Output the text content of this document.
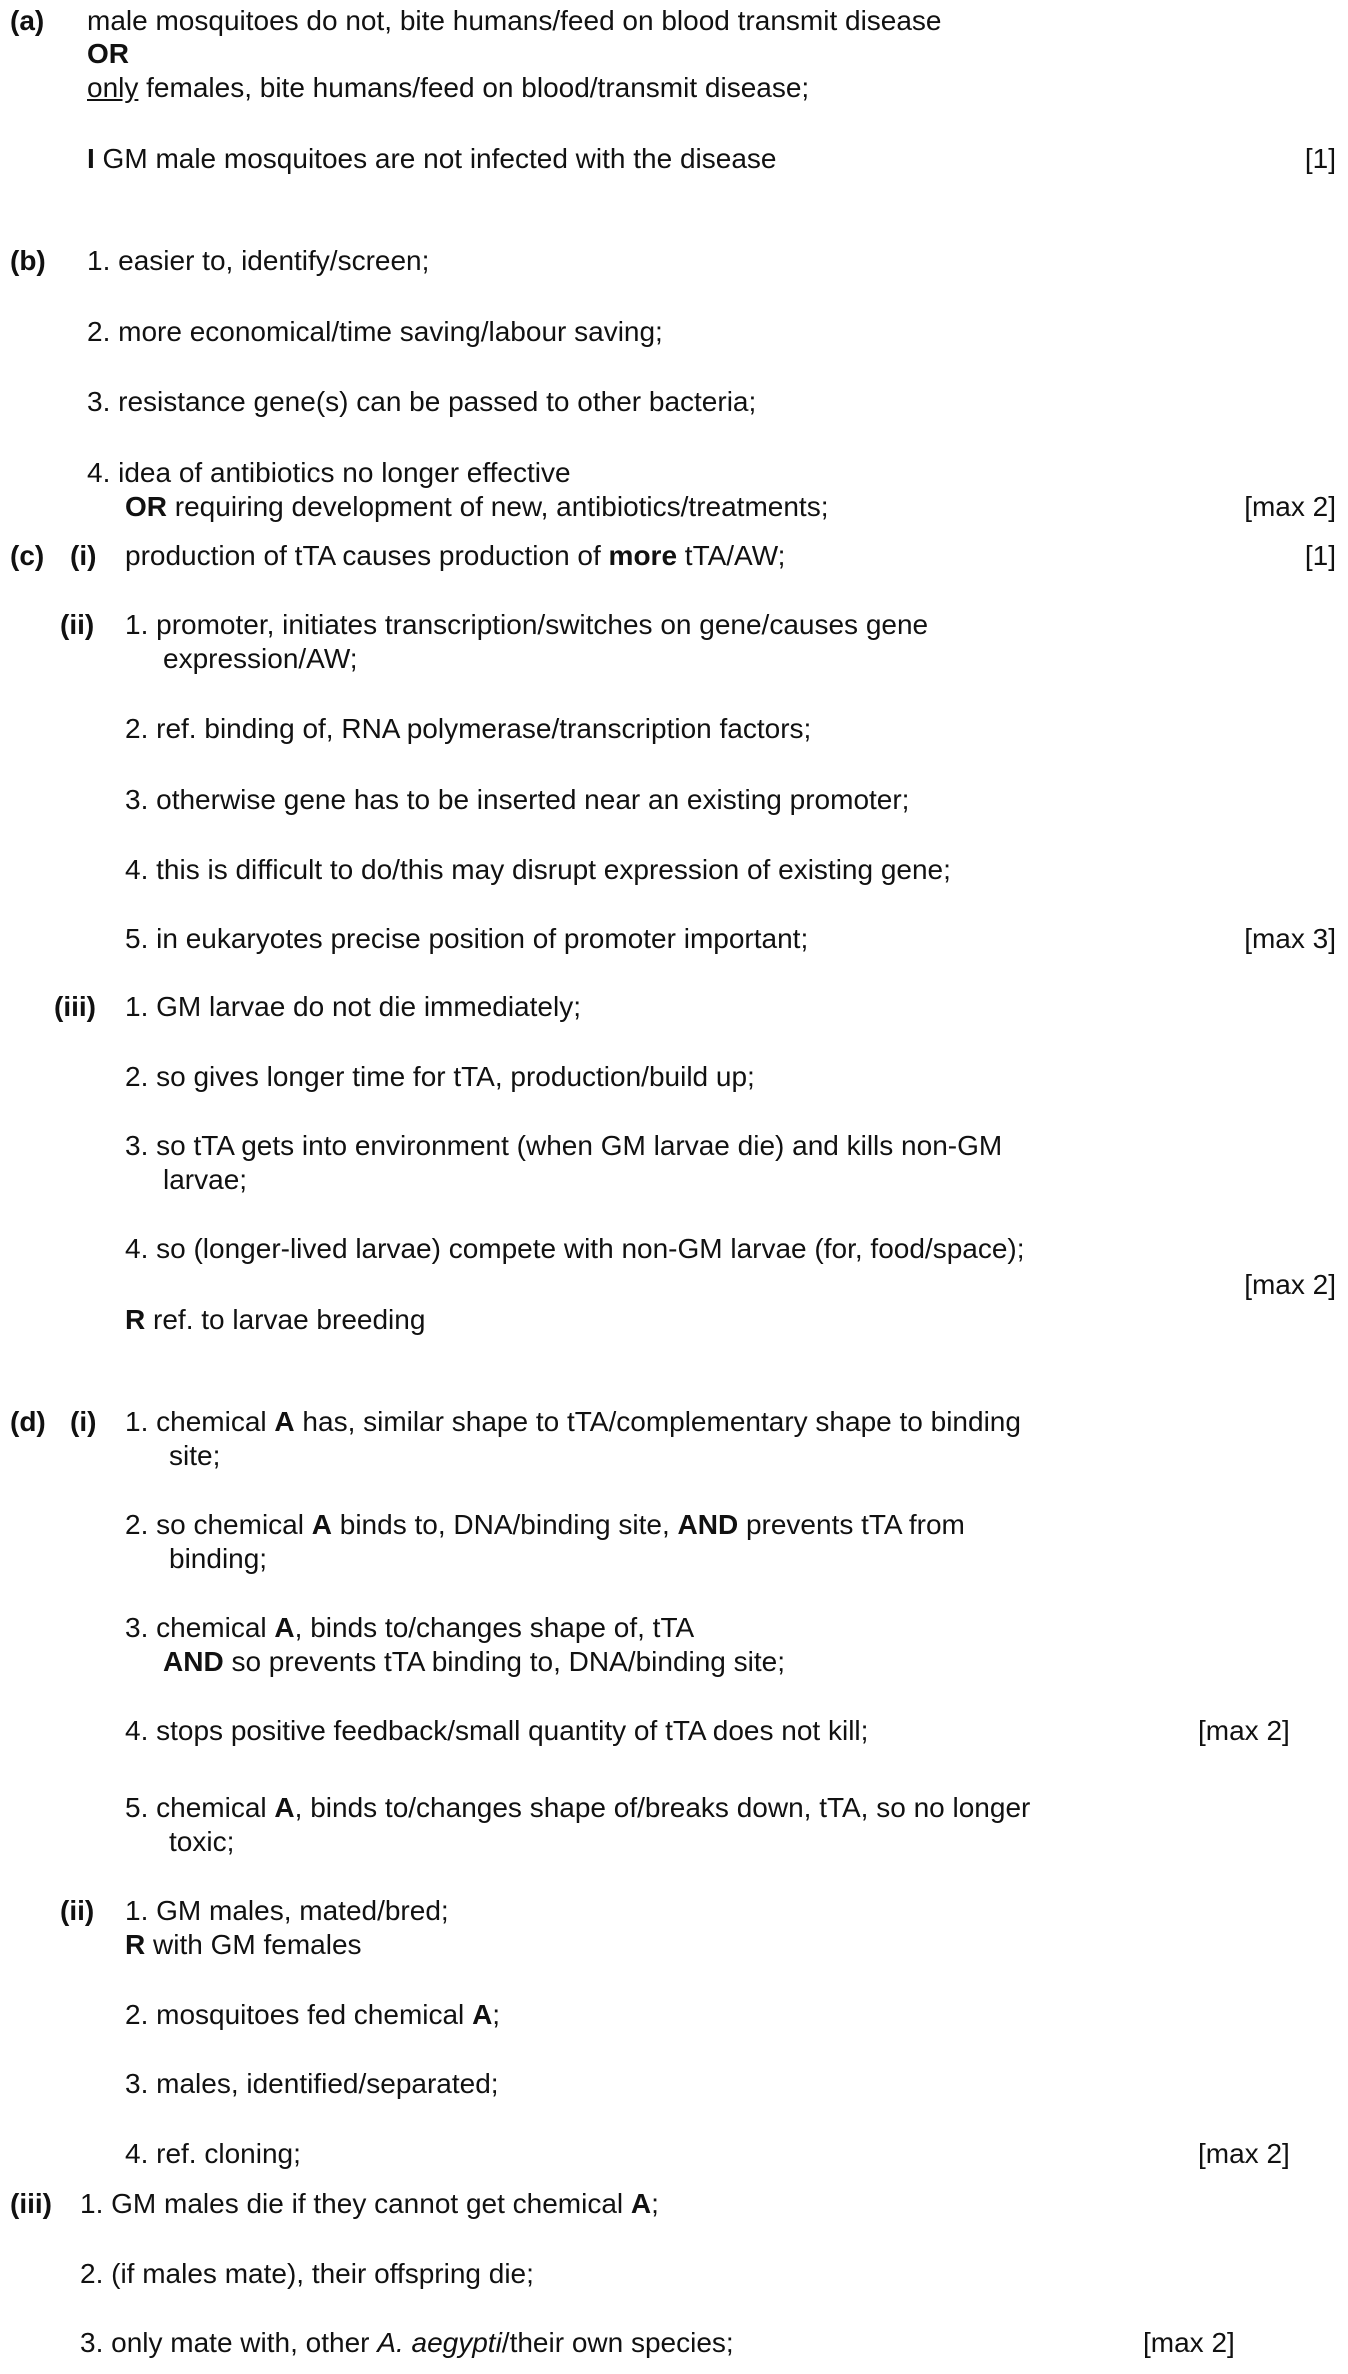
(a) male mosquitoes do not, bite humans/feed on blood transmit disease
OR
only females, bite humans/feed on blood/transmit disease;
I GM male mosquitoes are not infected with the disease	[1]
(b) 1. easier to, identify/screen;
2. more economical/time saving/labour saving;
3. resistance gene(s) can be passed to other bacteria;
4. idea of antibiotics no longer effective
OR requiring development of new, antibiotics/treatments;	[max 2]
(c) (i) production of tTA causes production of more tTA/AW;	[1]
(ii) 1. promoter, initiates transcription/switches on gene/causes gene
expression/AW;
2. ref. binding of, RNA polymerase/transcription factors;
3. otherwise gene has to be inserted near an existing promoter;
4. this is difficult to do/this may disrupt expression of existing gene;
5. in eukaryotes precise position of promoter important;	[max 3]
(iii) 1. GM larvae do not die immediately;
2. so gives longer time for tTA, production/build up;
3. so tTA gets into environment (when GM larvae die) and kills non-GM
larvae;
4. so (longer-lived larvae) compete with non-GM larvae (for, food/space);
[max 2]
R ref. to larvae breeding
(d) (i) 1. chemical A has, similar shape to tTA/complementary shape to binding
site;
2. so chemical A binds to, DNA/binding site, AND prevents tTA from
binding;
3. chemical A, binds to/changes shape of, tTA
AND so prevents tTA binding to, DNA/binding site;
4. stops positive feedback/small quantity of tTA does not kill;	[max 2]
5. chemical A, binds to/changes shape of/breaks down, tTA, so no longer
toxic;
(ii) 1. GM males, mated/bred;
R with GM females
2. mosquitoes fed chemical A;
3. males, identified/separated;
4. ref. cloning;	[max 2]
(iii) 1. GM males die if they cannot get chemical A;
2. (if males mate), their offspring die;
3. only mate with, other A. aegypti/their own species;	[max 2]
